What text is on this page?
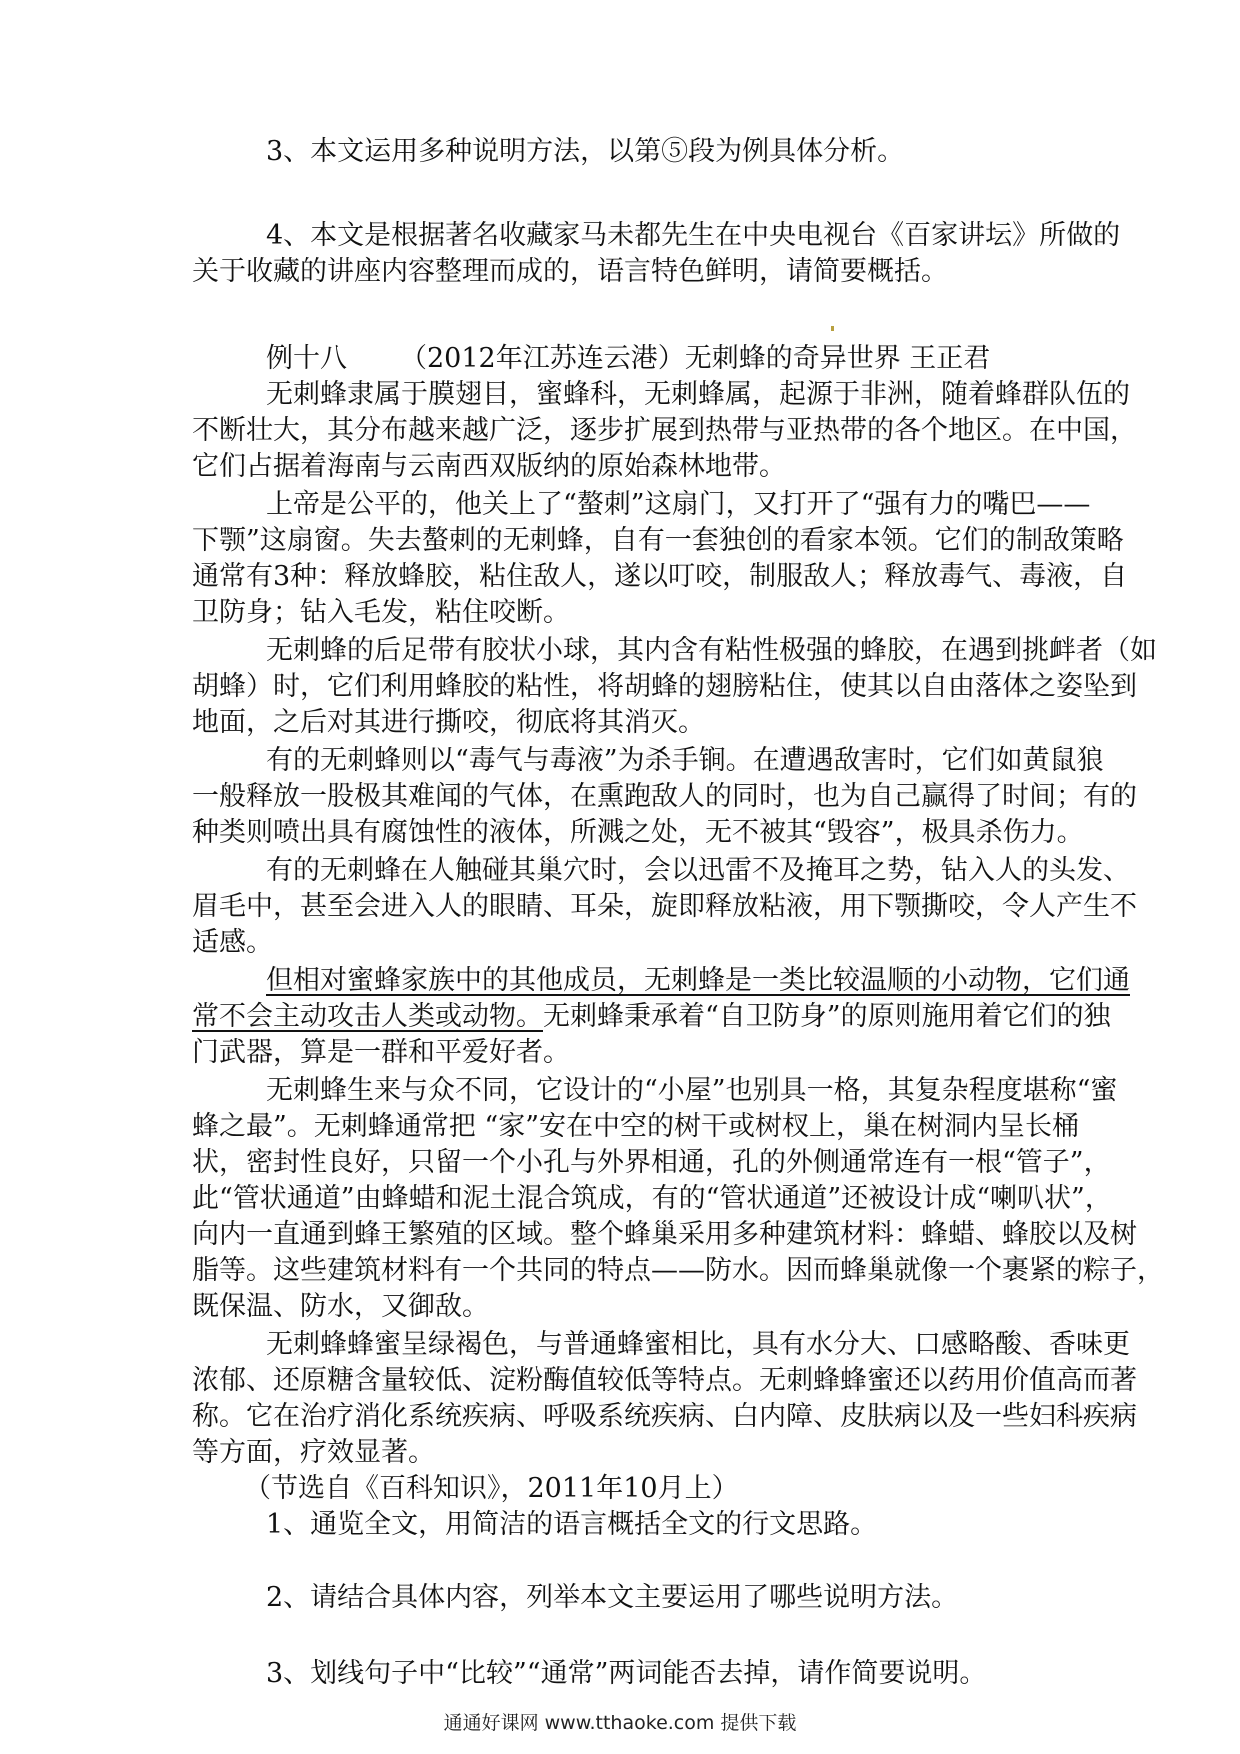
3、本文运用多种说明方法，以第⑤段为例具体分析。
4、本文是根据著名收藏家马未都先生在中央电视台《百家讲坛》所做的
关于收藏的讲座内容整理而成的，语言特色鲜明，请简要概括。
例十八 （2012年江苏连云港）无刺蜂的奇异世界 王正君
无刺蜂隶属于膜翅目，蜜蜂科，无刺蜂属，起源于非洲，随着蜂群队伍的
不断壮大，其分布越来越广泛，逐步扩展到热带与亚热带的各个地区。在中国，
它们占据着海南与云南西双版纳的原始森林地带。
上帝是公平的，他关上了“螯刺”这扇门，又打开了“强有力的嘴巴——
下颚”这扇窗。失去螯刺的无刺蜂，自有一套独创的看家本领。它们的制敌策略
通常有3种：释放蜂胶，粘住敌人，遂以叮咬，制服敌人；释放毒气、毒液，自
卫防身；钻入毛发，粘住咬断。
无刺蜂的后足带有胶状小球，其内含有粘性极强的蜂胶，在遇到挑衅者（如
胡蜂）时，它们利用蜂胶的粘性，将胡蜂的翅膀粘住，使其以自由落体之姿坠到
地面，之后对其进行撕咬，彻底将其消灭。
有的无刺蜂则以“毒气与毒液”为杀手锏。在遭遇敌害时，它们如黄鼠狼
一般释放一股极其难闻的气体，在熏跑敌人的同时，也为自己赢得了时间；有的
种类则喷出具有腐蚀性的液体，所溅之处，无不被其“毁容”，极具杀伤力。
有的无刺蜂在人触碰其巢穴时，会以迅雷不及掩耳之势，钻入人的头发、
眉毛中，甚至会进入人的眼睛、耳朵，旋即释放粘液，用下颚撕咬，令人产生不
适感。
但相对蜜蜂家族中的其他成员，无刺蜂是一类比较温顺的小动物，它们通
常不会主动攻击人类或动物。无刺蜂秉承着“自卫防身”的原则施用着它们的独
门武器，算是一群和平爱好者。
无刺蜂生来与众不同，它设计的“小屋”也别具一格，其复杂程度堪称“蜜
蜂之最”。无刺蜂通常把 “家”安在中空的树干或树杈上，巢在树洞内呈长桶
状，密封性良好，只留一个小孔与外界相通，孔的外侧通常连有一根“管子”，
此“管状通道”由蜂蜡和泥土混合筑成，有的“管状通道”还被设计成“喇叭状”，
向内一直通到蜂王繁殖的区域。整个蜂巢采用多种建筑材料：蜂蜡、蜂胶以及树
脂等。这些建筑材料有一个共同的特点——防水。因而蜂巢就像一个裹紧的粽子，
既保温、防水，又御敌。
无刺蜂蜂蜜呈绿褐色，与普通蜂蜜相比，具有水分大、口感略酸、香味更
浓郁、还原糖含量较低、淀粉酶值较低等特点。无刺蜂蜂蜜还以药用价值高而著
称。它在治疗消化系统疾病、呼吸系统疾病、白内障、皮肤病以及一些妇科疾病
等方面，疗效显著。
（节选自《百科知识》，2011年10月上）
1、通览全文，用简洁的语言概括全文的行文思路。
2、请结合具体内容，列举本文主要运用了哪些说明方法。
3、划线句子中“比较”“通常”两词能否去掉，请作简要说明。
通通好课网 www.tthaoke.com 提供下载
